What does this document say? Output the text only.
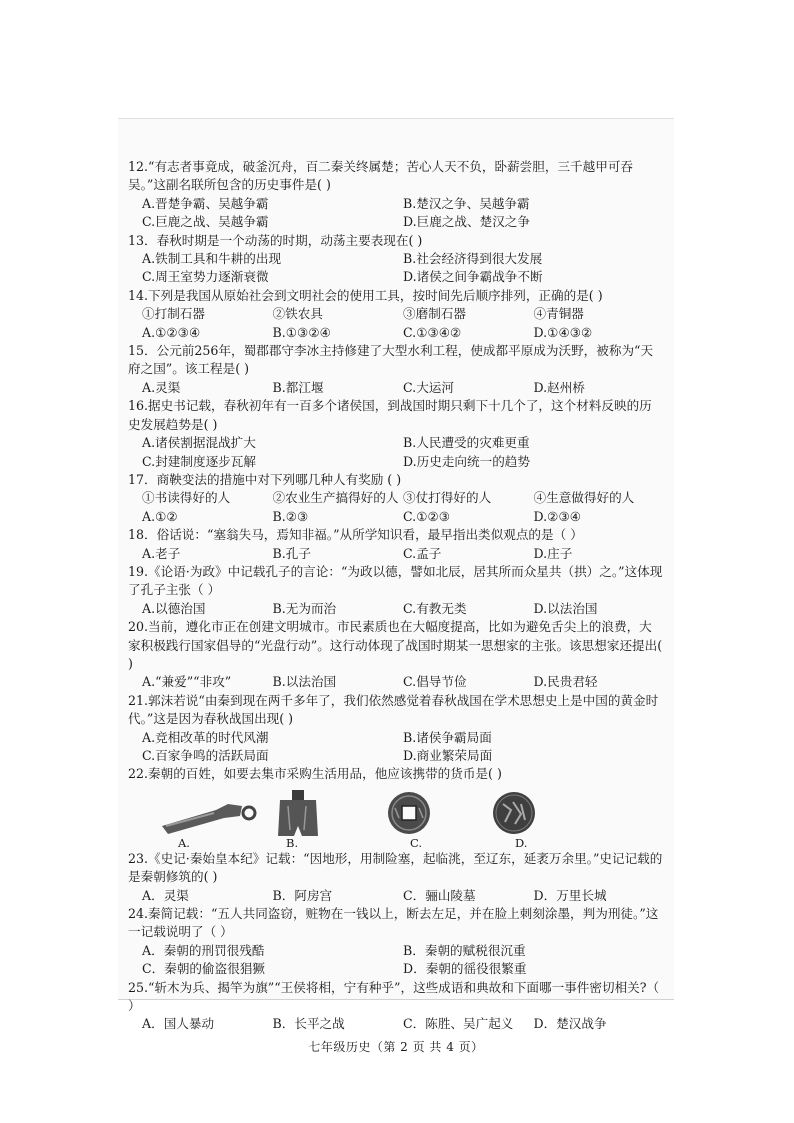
12.“有志者事竟成，破釜沉舟，百二秦关终属楚；苦心人天不负，卧薪尝胆，三千越甲可吞吴。”这副名联所包含的历史事件是( )

A.晋楚争霸、吴越争霸	B.楚汉之争、吴越争霸
C.巨鹿之战、吴越争霸	D.巨鹿之战、楚汉之争

13．春秋时期是一个动荡的时期，动荡主要表现在( )

A.铁制工具和牛耕的出现	B.社会经济得到很大发展
C.周王室势力逐渐衰微	D.诸侯之间争霸战争不断

14.下列是我国从原始社会到文明社会的使用工具，按时间先后顺序排列，正确的是( )

①打制石器	②铁农具	③磨制石器	④青铜器
A.①②③④	B.①③②④	C.①③④②	D.①④③②

15．公元前256年，蜀郡郡守李冰主持修建了大型水利工程，使成都平原成为沃野，被称为“天府之国”。该工程是( )

A.灵渠	B.都江堰	C.大运河	D.赵州桥

16.据史书记载，春秋初年有一百多个诸侯国，到战国时期只剩下十几个了，这个材料反映的历史发展趋势是( )

A.诸侯割据混战扩大	B.人民遭受的灾难更重
C.封建制度逐步瓦解	D.历史走向统一的趋势

17．商鞅变法的措施中对下列哪几种人有奖励 ( )

①书读得好的人	②农业生产搞得好的人 ③仗打得好的人	④生意做得好的人
A.①②	B.②③	C.①②③	D.②③④

18．俗话说：“塞翁失马，焉知非福。”从所学知识看，最早指出类似观点的是（ ）

A.老子	B.孔子	C.孟子	D.庄子

19.《论语·为政》中记载孔子的言论：“为政以德，譬如北辰，居其所而众星共（拱）之。”这体现了孔子主张（ ）

A.以德治国	B.无为而治	C.有教无类	D.以法治国

20.当前，遵化市正在创建文明城市。市民素质也在大幅度提高，比如为避免舌尖上的浪费，大家积极践行国家倡导的“光盘行动”。这行动体现了战国时期某一思想家的主张。该思想家还提出( )

A.“兼爱”“非攻”	B.以法治国	C.倡导节俭	D.民贵君轻

21.郭沫若说“由秦到现在两千多年了，我们依然感觉着春秋战国在学术思想史上是中国的黄金时代。”这是因为春秋战国出现( )

A.竞相改革的时代风潮	B.诸侯争霸局面
C.百家争鸣的活跃局面	D.商业繁荣局面

22.秦朝的百姓，如要去集市采购生活用品，他应该携带的货币是( )

A.	B.	C.	D.

23.《史记·秦始皇本纪》记载：“因地形，用制险塞，起临洮，至辽东，延袤万余里。”史记记载的是秦朝修筑的( )

A．灵渠	B．阿房宫	C．骊山陵墓	D．万里长城

24.秦简记载：“五人共同盗窃，赃物在一钱以上，断去左足，并在脸上刺刻涂墨，判为刑徒。”这一记载说明了（ ）

A．秦朝的刑罚很残酷	B．秦朝的赋税很沉重
C．秦朝的偷盗很猖獗	D．秦朝的徭役很繁重

25.“斩木为兵、揭竿为旗”“王侯将相，宁有种乎”，这些成语和典故和下面哪一事件密切相关?（ ）

A．国人暴动	B．长平之战	C．陈胜、吴广起义	D．楚汉战争
七年级历史（第 2 页 共 4 页）
